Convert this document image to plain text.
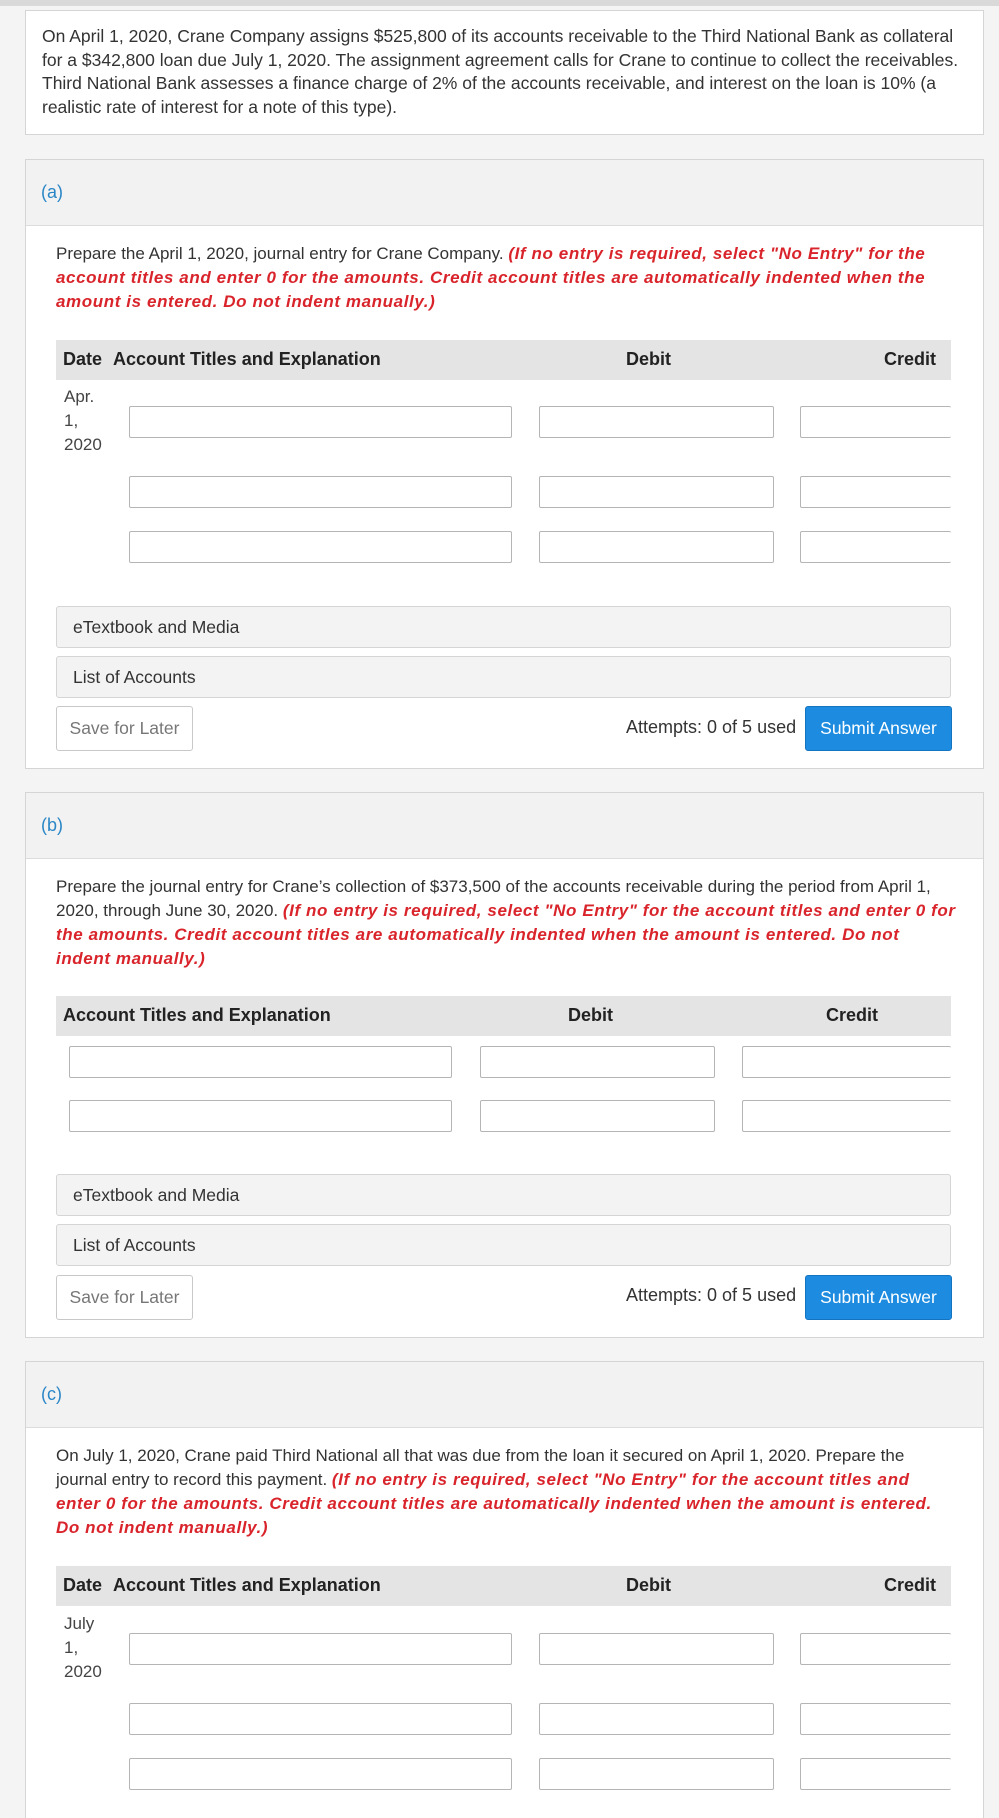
On April 1, 2020, Crane Company assigns $525,800 of its accounts receivable to the Third National Bank as collateral for a $342,800 loan due July 1, 2020. The assignment agreement calls for Crane to continue to collect the receivables. Third National Bank assesses a finance charge of 2% of the accounts receivable, and interest on the loan is 10% (a realistic rate of interest for a note of this type).
(a)
Prepare the April 1, 2020, journal entry for Crane Company. (If no entry is required, select "No Entry" for the account titles and enter 0 for the amounts. Credit account titles are automatically indented when the amount is entered. Do not indent manually.)
Date Account Titles and Explanation	Debit	Credit
Apr.
1,
2020
eTextbook and Media
List of Accounts
Save for Later	Attempts: 0 of 5 used	Submit Answer
(b)
Prepare the journal entry for Crane’s collection of $373,500 of the accounts receivable during the period from April 1, 2020, through June 30, 2020. (If no entry is required, select "No Entry" for the account titles and enter 0 for the amounts. Credit account titles are automatically indented when the amount is entered. Do not indent manually.)
Account Titles and Explanation	Debit	Credit
eTextbook and Media
List of Accounts
Save for Later	Attempts: 0 of 5 used	Submit Answer
(c)
On July 1, 2020, Crane paid Third National all that was due from the loan it secured on April 1, 2020. Prepare the journal entry to record this payment. (If no entry is required, select "No Entry" for the account titles and enter 0 for the amounts. Credit account titles are automatically indented when the amount is entered. Do not indent manually.)
Date Account Titles and Explanation	Debit	Credit
July
1,
2020
